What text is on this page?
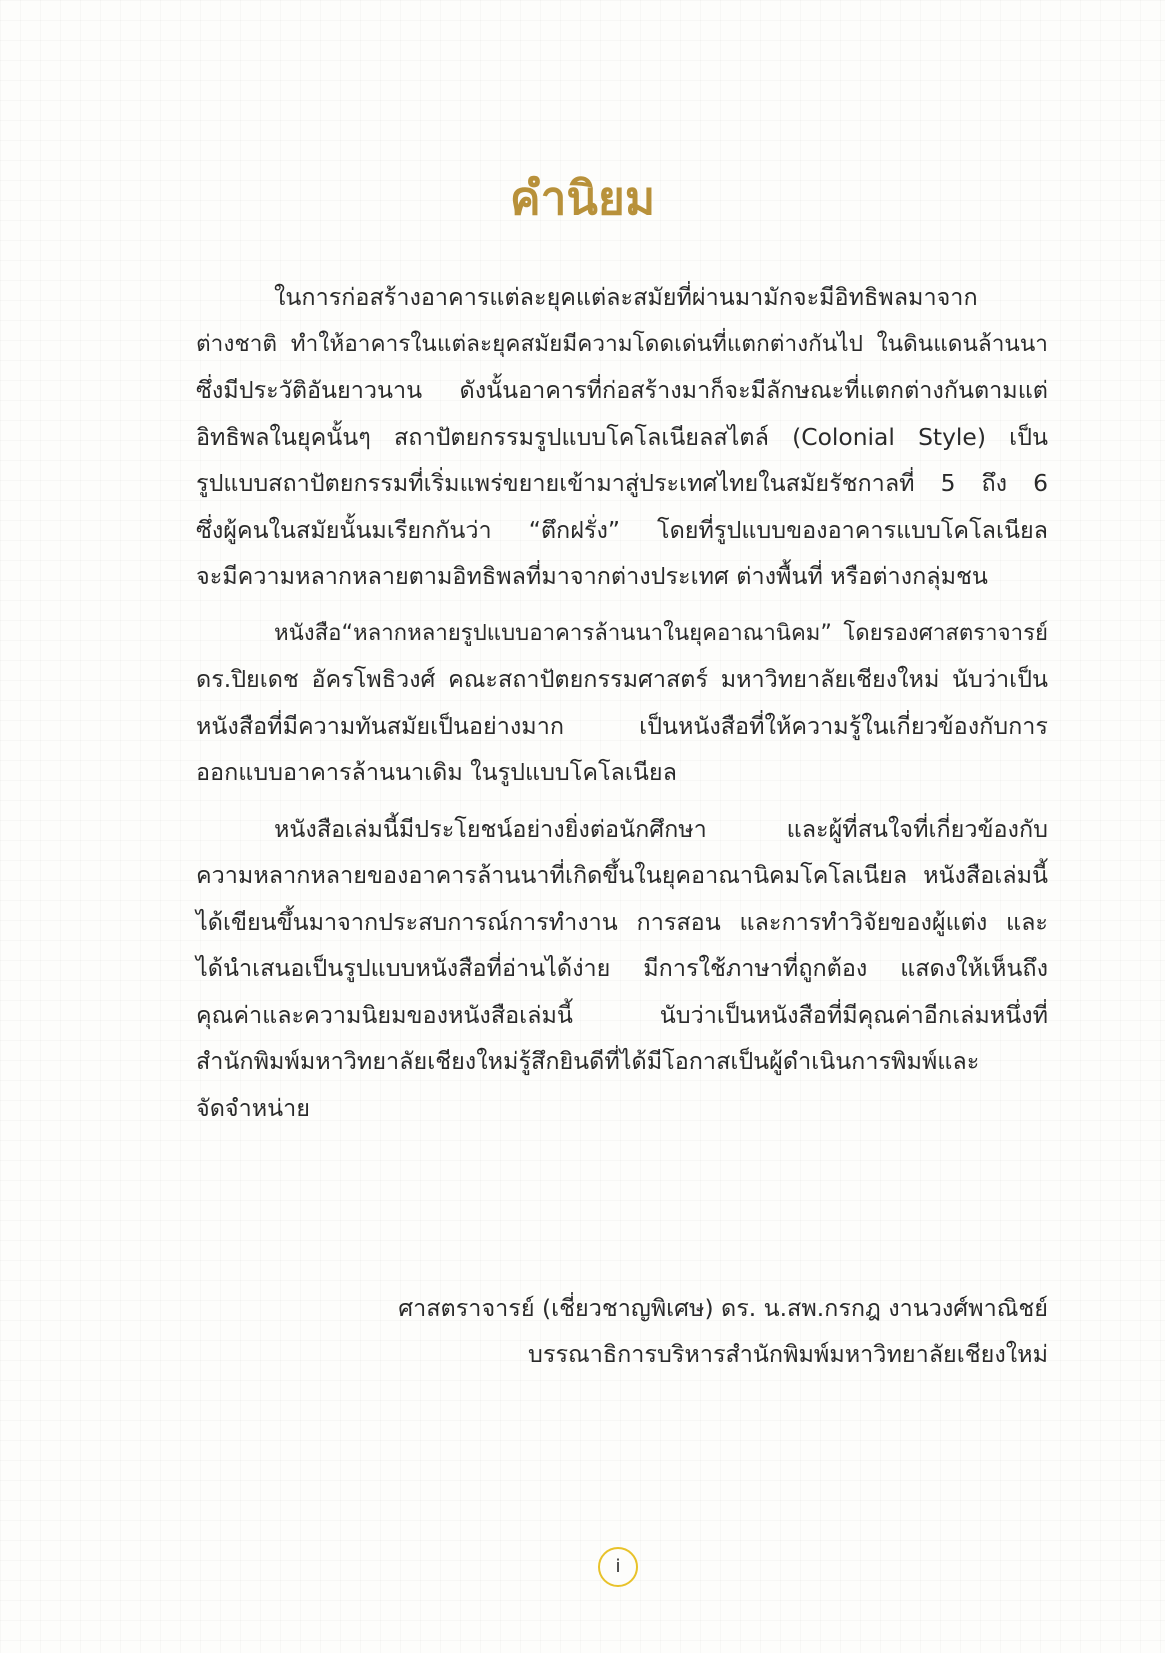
คำนิยม
ในการก่อสร้างอาคารแต่ละยุคแต่ละสมัยที่ผ่านมามักจะมีอิทธิพลมาจาก
ต่างชาติ ทำให้อาคารในแต่ละยุคสมัยมีความโดดเด่นที่แตกต่างกันไป ในดินแดนล้านนา
ซึ่งมีประวัติอันยาวนาน ดังนั้นอาคารที่ก่อสร้างมาก็จะมีลักษณะที่แตกต่างกันตามแต่
อิทธิพลในยุคนั้นๆ สถาปัตยกรรมรูปแบบโคโลเนียลสไตล์ (Colonial Style) เป็น
รูปแบบสถาปัตยกรรมที่เริ่มแพร่ขยายเข้ามาสู่ประเทศไทยในสมัยรัชกาลที่ 5 ถึง 6
ซึ่งผู้คนในสมัยนั้นมเรียกกันว่า “ตึกฝรั่ง” โดยที่รูปแบบของอาคารแบบโคโลเนียล
จะมีความหลากหลายตามอิทธิพลที่มาจากต่างประเทศ ต่างพื้นที่ หรือต่างกลุ่มชน
หนังสือ“หลากหลายรูปแบบอาคารล้านนาในยุคอาณานิคม” โดยรองศาสตราจารย์
ดร.ปิยเดช อัครโพธิวงศ์ คณะสถาปัตยกรรมศาสตร์ มหาวิทยาลัยเชียงใหม่ นับว่าเป็น
หนังสือที่มีความทันสมัยเป็นอย่างมาก เป็นหนังสือที่ให้ความรู้ในเกี่ยวข้องกับการ
ออกแบบอาคารล้านนาเดิม ในรูปแบบโคโลเนียล
หนังสือเล่มนี้มีประโยชน์อย่างยิ่งต่อนักศึกษา และผู้ที่สนใจที่เกี่ยวข้องกับ
ความหลากหลายของอาคารล้านนาที่เกิดขึ้นในยุคอาณานิคมโคโลเนียล หนังสือเล่มนี้
ได้เขียนขึ้นมาจากประสบการณ์การทำงาน การสอน และการทำวิจัยของผู้แต่ง และ
ได้นำเสนอเป็นรูปแบบหนังสือที่อ่านได้ง่าย มีการใช้ภาษาที่ถูกต้อง แสดงให้เห็นถึง
คุณค่าและความนิยมของหนังสือเล่มนี้ นับว่าเป็นหนังสือที่มีคุณค่าอีกเล่มหนึ่งที่
สำนักพิมพ์มหาวิทยาลัยเชียงใหม่รู้สึกยินดีที่ได้มีโอกาสเป็นผู้ดำเนินการพิมพ์และ
จัดจำหน่าย
ศาสตราจารย์ (เชี่ยวชาญพิเศษ) ดร. น.สพ.กรกฎ งานวงศ์พาณิชย์
บรรณาธิการบริหารสำนักพิมพ์มหาวิทยาลัยเชียงใหม่
i
